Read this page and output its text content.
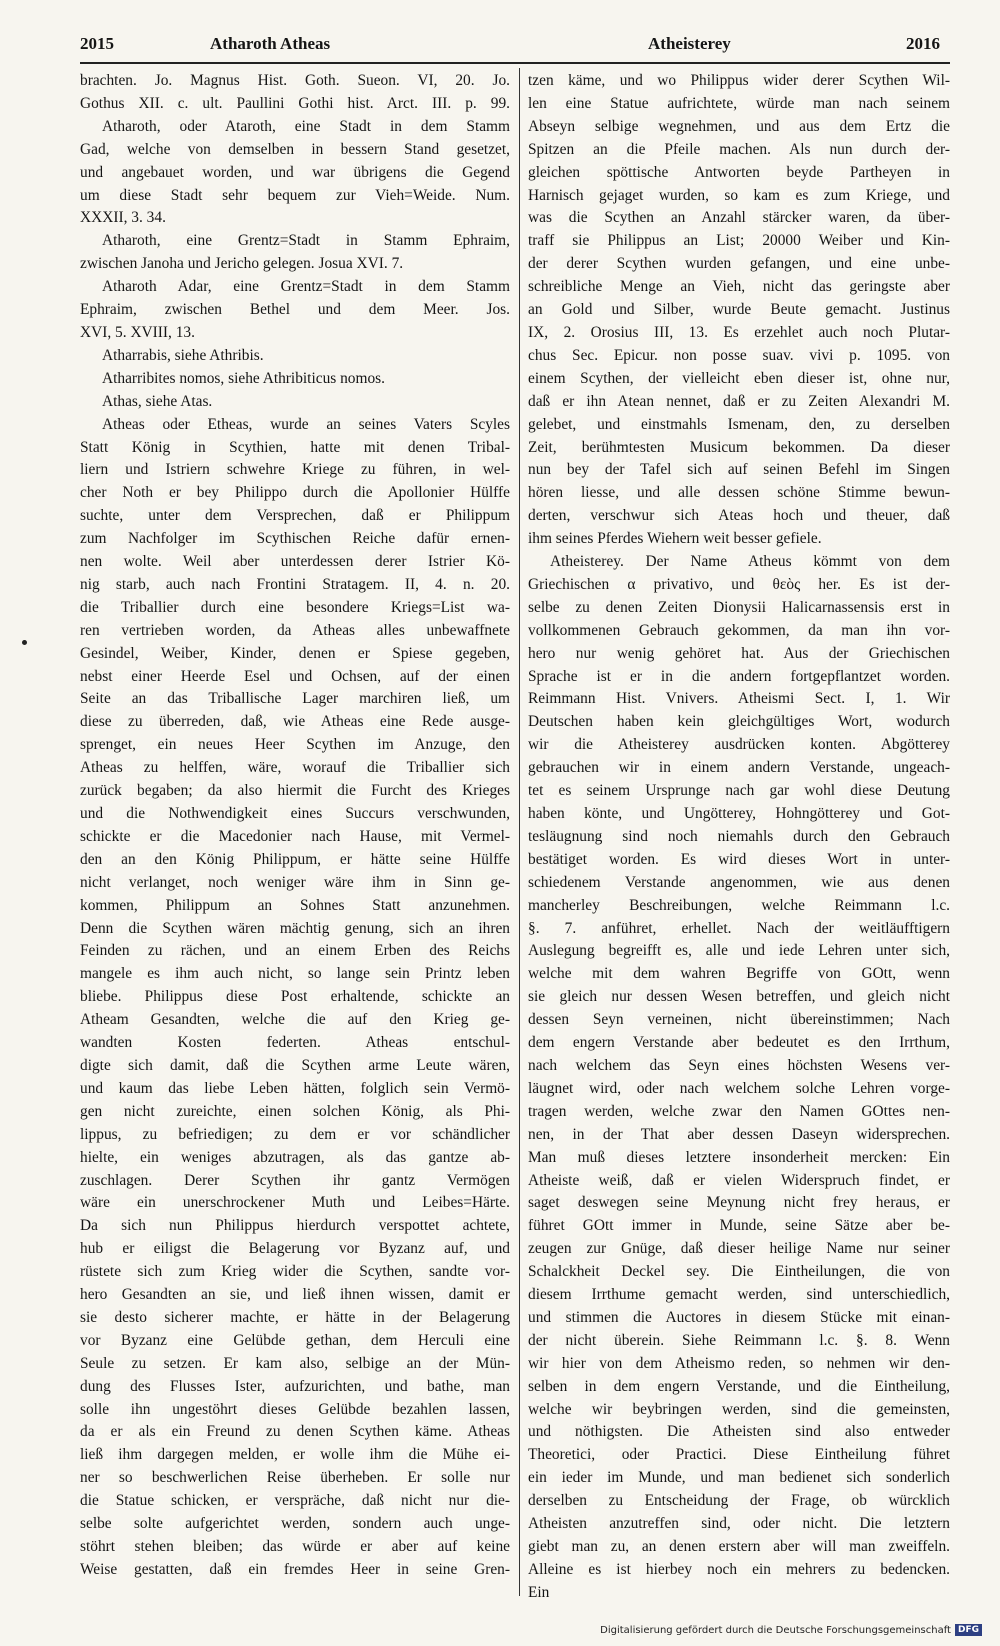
2015	Atharoth Atheas	Atheisterey	2016

brachten. Jo. Magnus Hist. Goth. Sueon. VI, 20. Jo.

Gothus XII. c. ult. Paullini Gothi hist. Arct. III. p. 99.

Atharoth, oder Ataroth, eine Stadt in dem Stamm

Gad, welche von demselben in bessern Stand gesetzet,

und angebauet worden, und war übrigens die Gegend

um diese Stadt sehr bequem zur Vieh=Weide. Num.

XXXII, 3. 34.

Atharoth, eine Grentz=Stadt in Stamm Ephraim,

zwischen Janoha und Jericho gelegen. Josua XVI. 7.

Atharoth Adar, eine Grentz=Stadt in dem Stamm

Ephraim, zwischen Bethel und dem Meer. Jos.

XVI, 5. XVIII, 13.

Atharrabis, siehe Athribis.

Atharribites nomos, siehe Athribiticus nomos.

Athas, siehe Atas.

Atheas oder Etheas, wurde an seines Vaters Scyles

Statt König in Scythien, hatte mit denen Tribal-

liern und Istriern schwehre Kriege zu führen, in wel-

cher Noth er bey Philippo durch die Apollonier Hülffe

suchte, unter dem Versprechen, daß er Philippum

zum Nachfolger im Scythischen Reiche dafür ernen-

nen wolte. Weil aber unterdessen derer Istrier Kö-

nig starb, auch nach Frontini Stratagem. II, 4. n. 20.

die Triballier durch eine besondere Kriegs=List wa-

ren vertrieben worden, da Atheas alles unbewaffnete

Gesindel, Weiber, Kinder, denen er Spiese gegeben,

nebst einer Heerde Esel und Ochsen, auf der einen

Seite an das Triballische Lager marchiren ließ, um

diese zu überreden, daß, wie Atheas eine Rede ausge-

sprenget, ein neues Heer Scythen im Anzuge, den

Atheas zu helffen, wäre, worauf die Triballier sich

zurück begaben; da also hiermit die Furcht des Krieges

und die Nothwendigkeit eines Succurs verschwunden,

schickte er die Macedonier nach Hause, mit Vermel-

den an den König Philippum, er hätte seine Hülffe

nicht verlanget, noch weniger wäre ihm in Sinn ge-

kommen, Philippum an Sohnes Statt anzunehmen.

Denn die Scythen wären mächtig genung, sich an ihren

Feinden zu rächen, und an einem Erben des Reichs

mangele es ihm auch nicht, so lange sein Printz leben

bliebe. Philippus diese Post erhaltende, schickte an

Atheam Gesandten, welche die auf den Krieg ge-

wandten Kosten federten. Atheas entschul-

digte sich damit, daß die Scythen arme Leute wären,

und kaum das liebe Leben hätten, folglich sein Vermö-

gen nicht zureichte, einen solchen König, als Phi-

lippus, zu befriedigen; zu dem er vor schändlicher

hielte, ein weniges abzutragen, als das gantze ab-

zuschlagen. Derer Scythen ihr gantz Vermögen

wäre ein unerschrockener Muth und Leibes=Härte.

Da sich nun Philippus hierdurch verspottet achtete,

hub er eiligst die Belagerung vor Byzanz auf, und

rüstete sich zum Krieg wider die Scythen, sandte vor-

hero Gesandten an sie, und ließ ihnen wissen, damit er

sie desto sicherer machte, er hätte in der Belagerung

vor Byzanz eine Gelübde gethan, dem Herculi eine

Seule zu setzen. Er kam also, selbige an der Mün-

dung des Flusses Ister, aufzurichten, und bathe, man

solle ihn ungestöhrt dieses Gelübde bezahlen lassen,

da er als ein Freund zu denen Scythen käme. Atheas

ließ ihm dargegen melden, er wolle ihm die Mühe ei-

ner so beschwerlichen Reise überheben. Er solle nur

die Statue schicken, er verspräche, daß nicht nur die-

selbe solte aufgerichtet werden, sondern auch unge-

stöhrt stehen bleiben; das würde er aber auf keine

Weise gestatten, daß ein fremdes Heer in seine Gren-

tzen käme, und wo Philippus wider derer Scythen Wil-

len eine Statue aufrichtete, würde man nach seinem

Abseyn selbige wegnehmen, und aus dem Ertz die

Spitzen an die Pfeile machen. Als nun durch der-

gleichen spöttische Antworten beyde Partheyen in

Harnisch gejaget wurden, so kam es zum Kriege, und

was die Scythen an Anzahl stärcker waren, da über-

traff sie Philippus an List; 20000 Weiber und Kin-

der derer Scythen wurden gefangen, und eine unbe-

schreibliche Menge an Vieh, nicht das geringste aber

an Gold und Silber, wurde Beute gemacht. Justinus

IX, 2. Orosius III, 13. Es erzehlet auch noch Plutar-

chus Sec. Epicur. non posse suav. vivi p. 1095. von

einem Scythen, der vielleicht eben dieser ist, ohne nur,

daß er ihn Atean nennet, daß er zu Zeiten Alexandri M.

gelebet, und einstmahls Ismenam, den, zu derselben

Zeit, berühmtesten Musicum bekommen. Da dieser

nun bey der Tafel sich auf seinen Befehl im Singen

hören liesse, und alle dessen schöne Stimme bewun-

derten, verschwur sich Ateas hoch und theuer, daß

ihm seines Pferdes Wiehern weit besser gefiele.

Atheisterey. Der Name Atheus kömmt von dem

Griechischen α privativo, und θεὸς her. Es ist der-

selbe zu denen Zeiten Dionysii Halicarnassensis erst in

vollkommenen Gebrauch gekommen, da man ihn vor-

hero nur wenig gehöret hat. Aus der Griechischen

Sprache ist er in die andern fortgepflantzet worden.

Reimmann Hist. Vnivers. Atheismi Sect. I, 1. Wir

Deutschen haben kein gleichgültiges Wort, wodurch

wir die Atheisterey ausdrücken konten. Abgötterey

gebrauchen wir in einem andern Verstande, ungeach-

tet es seinem Ursprunge nach gar wohl diese Deutung

haben könte, und Ungötterey, Hohngötterey und Got-

tesläugnung sind noch niemahls durch den Gebrauch

bestätiget worden. Es wird dieses Wort in unter-

schiedenem Verstande angenommen, wie aus denen

mancherley Beschreibungen, welche Reimmann l.c.

§. 7. anführet, erhellet. Nach der weitläufftigern

Auslegung begreifft es, alle und iede Lehren unter sich,

welche mit dem wahren Begriffe von GOtt, wenn

sie gleich nur dessen Wesen betreffen, und gleich nicht

dessen Seyn verneinen, nicht übereinstimmen; Nach

dem engern Verstande aber bedeutet es den Irrthum,

nach welchem das Seyn eines höchsten Wesens ver-

läugnet wird, oder nach welchem solche Lehren vorge-

tragen werden, welche zwar den Namen GOttes nen-

nen, in der That aber dessen Daseyn widersprechen.

Man muß dieses letztere insonderheit mercken: Ein

Atheiste weiß, daß er vielen Widerspruch findet, er

saget deswegen seine Meynung nicht frey heraus, er

führet GOtt immer in Munde, seine Sätze aber be-

zeugen zur Gnüge, daß dieser heilige Name nur seiner

Schalckheit Deckel sey. Die Eintheilungen, die von

diesem Irrthume gemacht werden, sind unterschiedlich,

und stimmen die Auctores in diesem Stücke mit einan-

der nicht überein. Siehe Reimmann l.c. §. 8. Wenn

wir hier von dem Atheismo reden, so nehmen wir den-

selben in dem engern Verstande, und die Eintheilung,

welche wir beybringen werden, sind die gemeinsten,

und nöthigsten. Die Atheisten sind also entweder

Theoretici, oder Practici. Diese Eintheilung führet

ein ieder im Munde, und man bedienet sich sonderlich

derselben zu Entscheidung der Frage, ob würcklich

Atheisten anzutreffen sind, oder nicht. Die letztern

giebt man zu, an denen erstern aber will man zweiffeln.

Alleine es ist hierbey noch ein mehrers zu bedencken.

Ein

Digitalisierung gefördert durch die Deutsche Forschungsgemeinschaft DFG
